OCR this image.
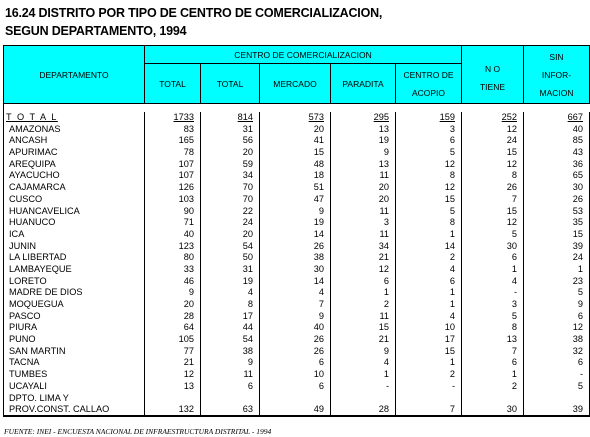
16.24 DISTRITO POR TIPO DE CENTRO DE COMERCIALIZACION,
SEGUN DEPARTAMENTO, 1994
DEPARTAMENTO
CENTRO DE COMERCIALIZACION
TOTAL	TOTAL	MERCADO	PARADITA
CENTRO DE
ACOPIO
N O
TIENE
SIN
INFOR-
MACION
T O T A L	1733	814	573	295	159	252	667
AMAZONAS	83	31	20	13	3	12	40
ANCASH	165	56	41	19	6	24	85
APURIMAC	78	20	15	9	5	15	43
AREQUIPA	107	59	48	13	12	12	36
AYACUCHO	107	34	18	11	8	8	65
CAJAMARCA	126	70	51	20	12	26	30
CUSCO	103	70	47	20	15	7	26
HUANCAVELICA	90	22	9	11	5	15	53
HUANUCO	71	24	19	3	8	12	35
ICA	40	20	14	11	1	5	15
JUNIN	123	54	26	34	14	30	39
LA LIBERTAD	80	50	38	21	2	6	24
LAMBAYEQUE	33	31	30	12	4	1	1
LORETO	46	19	14	6	6	4	23
MADRE DE DIOS	9	4	4	1	1	-	5
MOQUEGUA	20	8	7	2	1	3	9
PASCO	28	17	9	11	4	5	6
PIURA	64	44	40	15	10	8	12
PUNO	105	54	26	21	17	13	38
SAN MARTIN	77	38	26	9	15	7	32
TACNA	21	9	6	4	1	6	6
TUMBES	12	11	10	1	2	1	-
UCAYALI	13	6	6	-	-	2	5
DPTO. LIMA Y
PROV.CONST. CALLAO	132	63	49	28	7	30	39
FUENTE: INEI - ENCUESTA NACIONAL DE INFRAESTRUCTURA DISTRITAL - 1994
